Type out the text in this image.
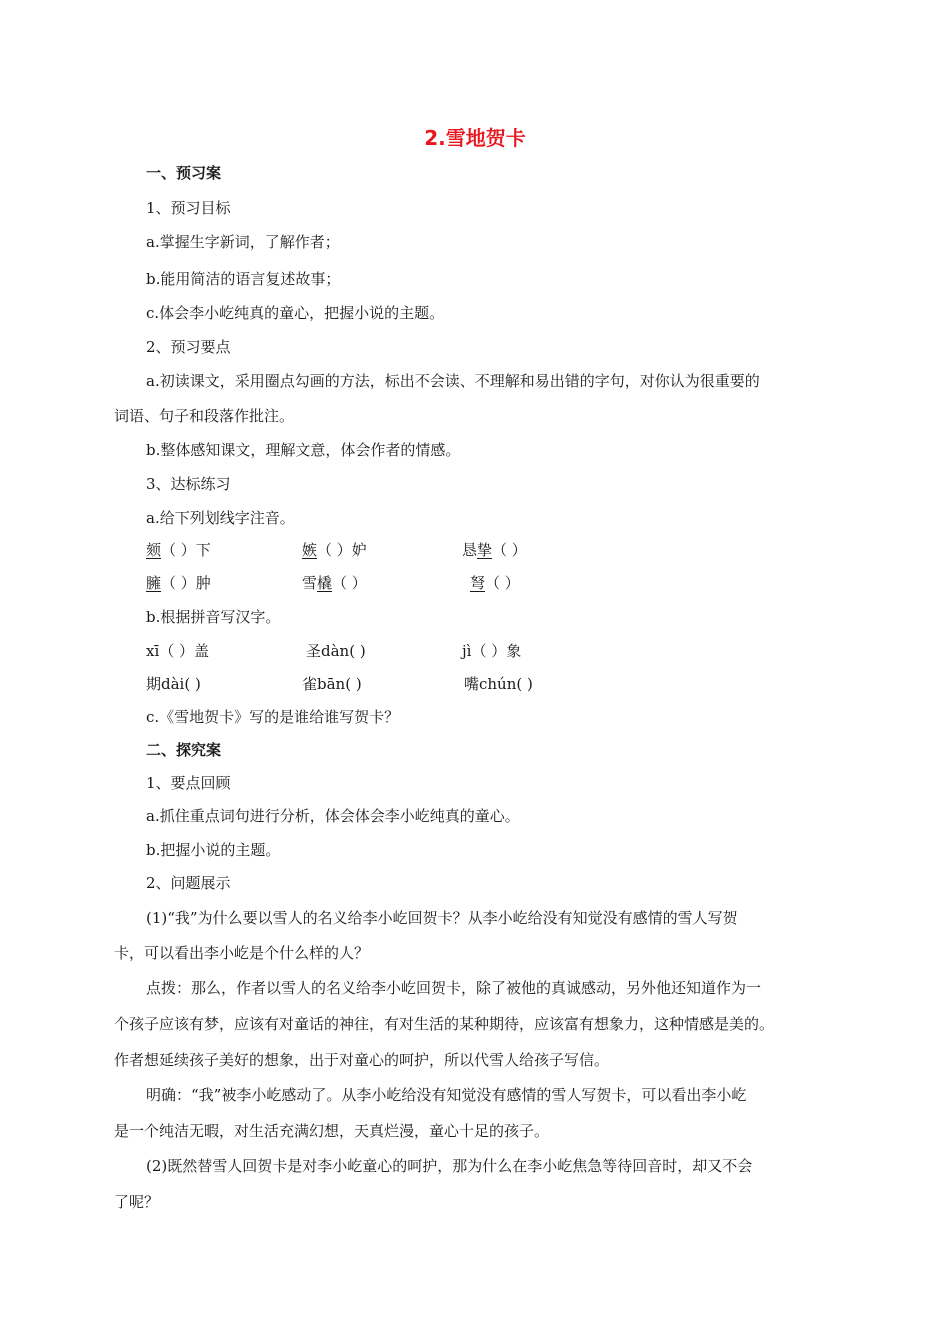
2.雪地贺卡
一、预习案
1、预习目标
a.掌握生字新词，了解作者；
b.能用简洁的语言复述故事；
c.体会李小屹纯真的童心，把握小说的主题。
2、预习要点
a.初读课文，采用圈点勾画的方法，标出不会读、不理解和易出错的字句，对你认为很重要的
词语、句子和段落作批注。
b.整体感知课文，理解文意，体会作者的情感。
3、达标练习
a.给下列划线字注音。
颏（ ）下	嫉（ ）妒	恳挚（ ）
臃（ ）肿	雪橇（ ）	弩（ ）
b.根据拼音写汉字。
xī（ ）盖	圣dàn( )	jì（ ）象
期dài( )	雀bān( )	嘴chún( )
c.《雪地贺卡》写的是谁给谁写贺卡？
二、探究案
1、要点回顾
a.抓住重点词句进行分析，体会体会李小屹纯真的童心。
b.把握小说的主题。
2、问题展示
(1)“我”为什么要以雪人的名义给李小屹回贺卡？从李小屹给没有知觉没有感情的雪人写贺
卡，可以看出李小屹是个什么样的人？
点拨：那么，作者以雪人的名义给李小屹回贺卡，除了被他的真诚感动，另外他还知道作为一
个孩子应该有梦，应该有对童话的神往，有对生活的某种期待，应该富有想象力，这种情感是美的。
作者想延续孩子美好的想象，出于对童心的呵护，所以代雪人给孩子写信。
明确：“我”被李小屹感动了。从李小屹给没有知觉没有感情的雪人写贺卡，可以看出李小屹
是一个纯洁无暇，对生活充满幻想，天真烂漫，童心十足的孩子。
(2)既然替雪人回贺卡是对李小屹童心的呵护，那为什么在李小屹焦急等待回音时，却又不会
了呢？
